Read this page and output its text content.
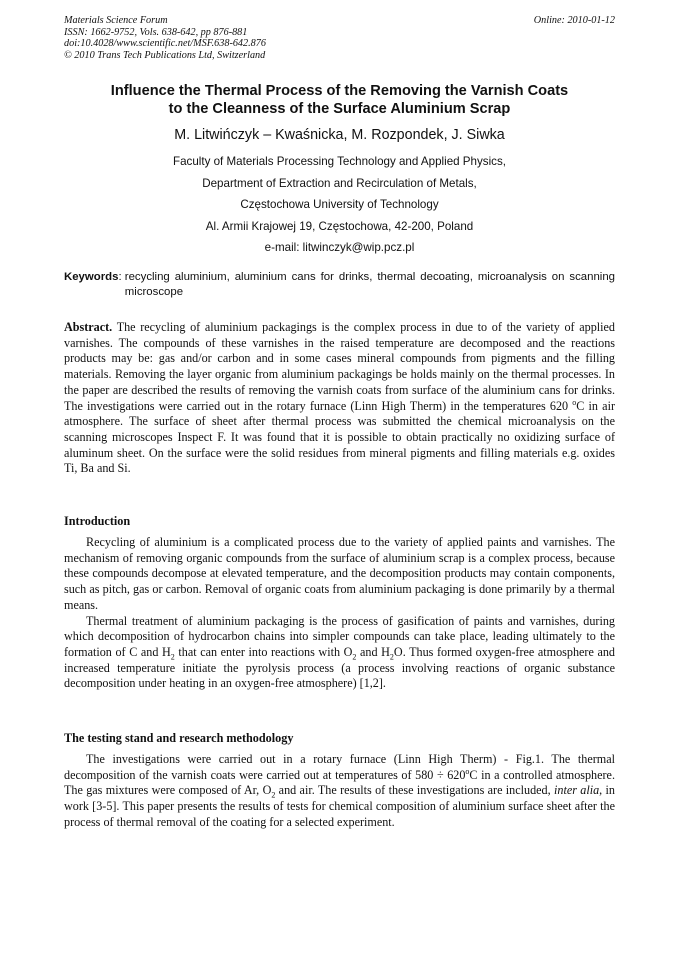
Materials Science Forum
ISSN: 1662-9752, Vols. 638-642, pp 876-881
doi:10.4028/www.scientific.net/MSF.638-642.876
© 2010 Trans Tech Publications Ltd, Switzerland
Online: 2010-01-12
Influence the Thermal Process of the Removing the Varnish Coats
to the Cleanness of the Surface Aluminium Scrap
M. Litwińczyk – Kwaśnicka, M. Rozpondek, J. Siwka
Faculty of Materials Processing Technology and Applied Physics,
Department of Extraction and Recirculation of Metals,
Częstochowa University of Technology
Al. Armii Krajowej 19, Częstochowa, 42-200, Poland
e-mail: litwinczyk@wip.pcz.pl
Keywords : recycling aluminium, aluminium cans for drinks, thermal decoating, microanalysis on scanning microscope
Abstract. The recycling of aluminium packagings is the complex process in due to of the variety of applied varnishes. The compounds of these varnishes in the raised temperature are decomposed and the reactions products may be: gas and/or carbon and in some cases mineral compounds from pigments and the filling materials. Removing the layer organic from aluminium packagings be holds mainly on the thermal processes. In the paper are described the results of removing the varnish coats from surface of the aluminium cans for drinks. The investigations were carried out in the rotary furnace (Linn High Therm) in the temperatures 620 $^o$C in air atmosphere. The surface of sheet after thermal process was submitted the chemical microanalysis on the scanning microscopes Inspect F. It was found that it is possible to obtain practically no oxidizing surface of aluminum sheet. On the surface were the solid residues from mineral pigments and filling materials e.g. oxides Ti, Ba and Si.
Introduction

Recycling of aluminium is a complicated process due to the variety of applied paints and varnishes. The mechanism of removing organic compounds from the surface of aluminium scrap is a complex process, because these compounds decompose at elevated temperature, and the decomposition products may contain components, such as pitch, gas or carbon. Removal of organic coats from aluminium packaging is done primarily by a thermal means.

Thermal treatment of aluminium packaging is the process of gasification of paints and varnishes, during which decomposition of hydrocarbon chains into simpler compounds can take place, leading ultimately to the formation of C and $H_2$ that can enter into reactions with $O_2$ and $H_2O$. Thus formed oxygen-free atmosphere and increased temperature initiate the pyrolysis process (a process involving reactions of organic substance decomposition under heating in an oxygen-free atmosphere) [1,2].

The testing stand and research methodology

The investigations were carried out in a rotary furnace (Linn High Therm) - Fig.1. The thermal decomposition of the varnish coats were carried out at temperatures of $580 \div 620^oC$ in a controlled atmosphere. The gas mixtures were composed of Ar, $O_2$ and air. The results of these investigations are included, inter alia, in work [3-5]. This paper presents the results of tests for chemical composition of aluminium surface sheet after the process of thermal removal of the coating for a selected experiment.
